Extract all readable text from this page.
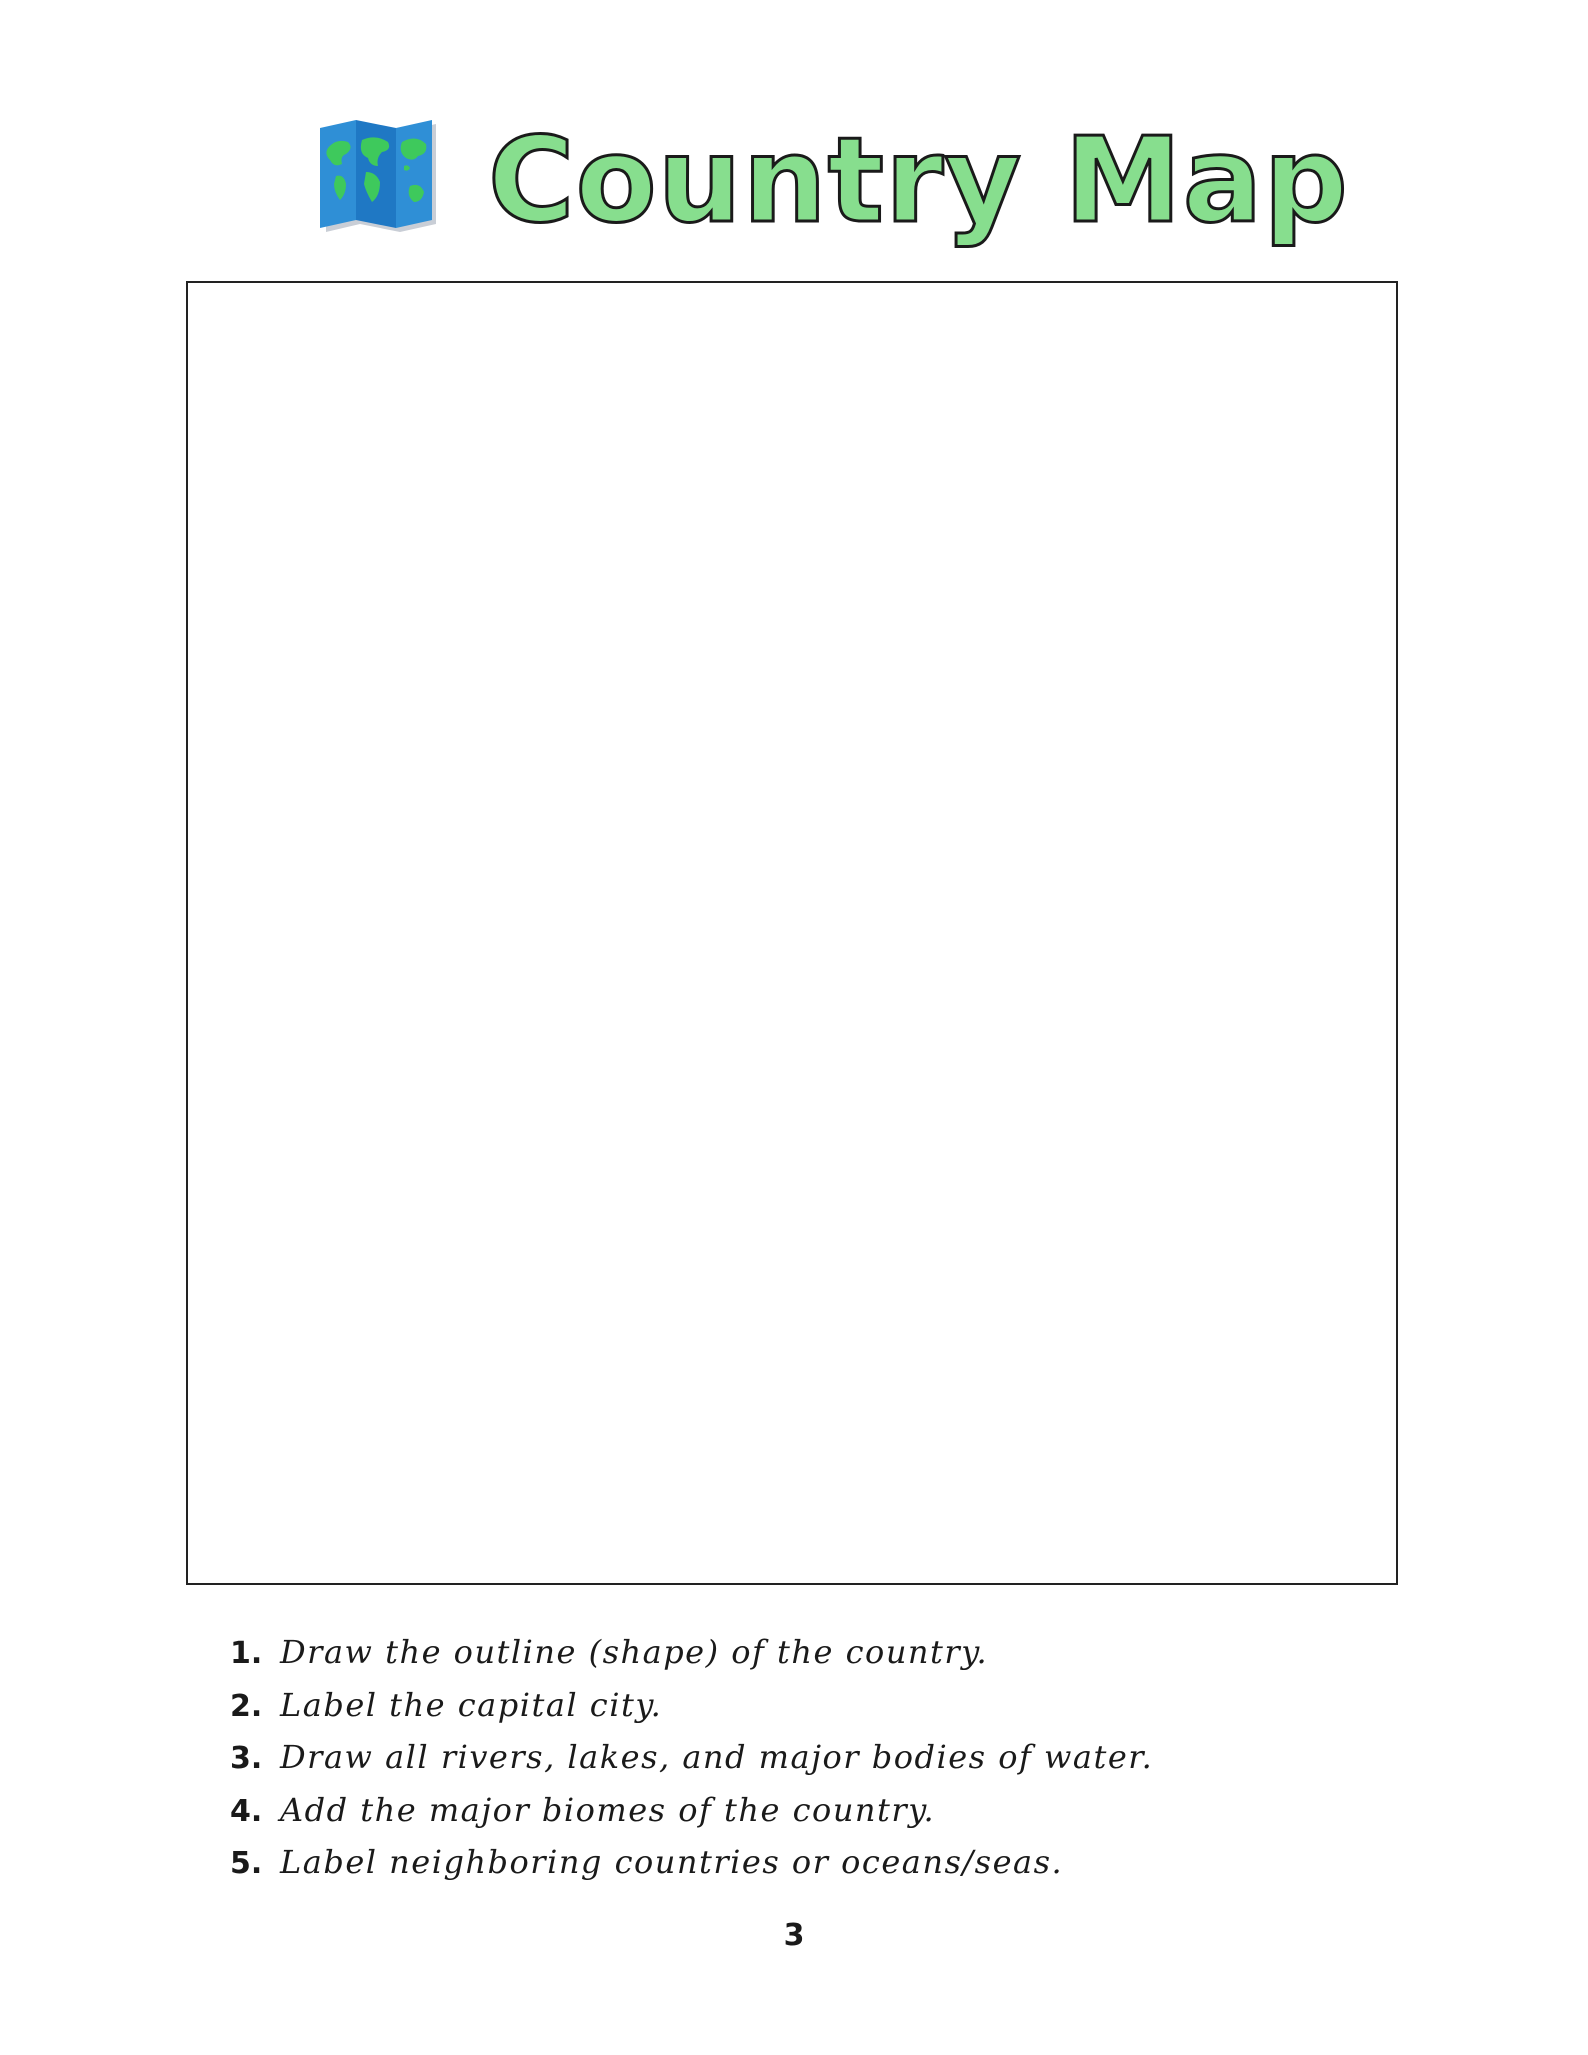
Country Map
1. Draw the outline (shape) of the country.
2. Label the capital city.
3. Draw all rivers, lakes, and major bodies of water.
4. Add the major biomes of the country.
5. Label neighboring countries or oceans/seas.
3
